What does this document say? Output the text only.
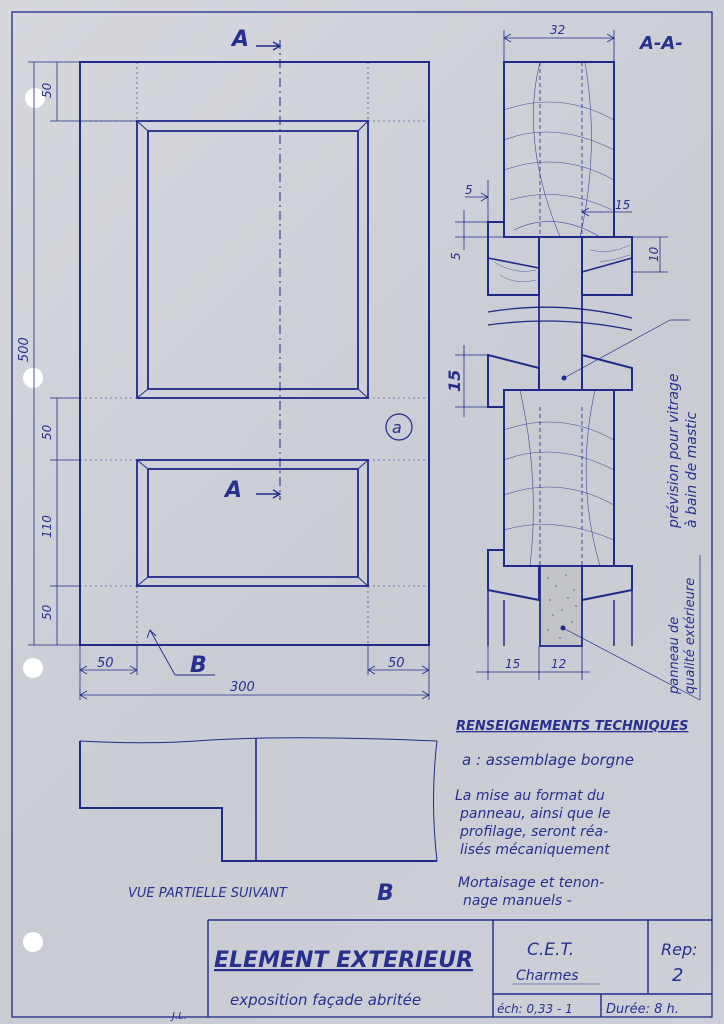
A
A
a
50
500
50
110
50
50	50
300
B
A-A-
32
5
15
5	10
15
15	12
prévision pour vitrage à bain de mastic
panneau de qualité extérieure
VUE PARTIELLE SUIVANT	B
RENSEIGNEMENTS TECHNIQUES
a : assemblage borgne
La mise au format du
panneau, ainsi que le
profilage, seront réa-
lisés mécaniquement
Mortaisage et tenon-
nage manuels -
ELEMENT EXTERIEUR
exposition façade abritée
C.E.T.
Charmes
Rep:
2
éch: 0,33 - 1	Durée: 8 h.
J.L.
